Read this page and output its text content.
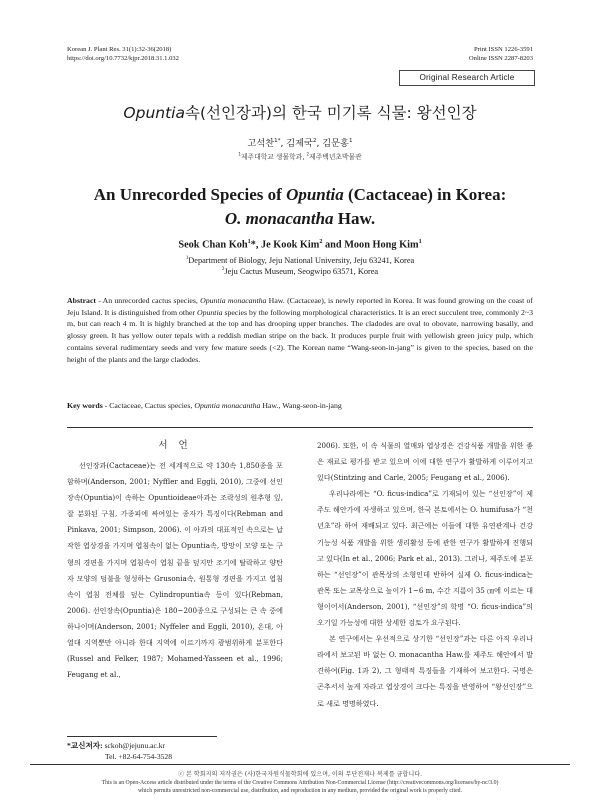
Korean J. Plant Res. 31(1):32-36(2018)
https://doi.org/10.7732/kjpr.2018.31.1.032
Print ISSN 1226-3591
Online ISSN 2287-8203
Original Research Article
Opuntia속(선인장과)의 한국 미기록 식물: 왕선인장
고석찬$^{1*}$, 김제국$^2$, 김문홍$^1$
$^1$제주대학교 생물학과, $^2$제주백년초박물관
An Unrecorded Species of Opuntia (Cactaceae) in Korea:
O. monacantha Haw.
Seok Chan Koh$^1$*, Je Kook Kim$^2$ and Moon Hong Kim$^1$
$^1$Department of Biology, Jeju National University, Jeju 63241, Korea
$^2$Jeju Cactus Museum, Seogwipo 63571, Korea
Abstract - An unrecorded cactus species, Opuntia monacantha Haw. (Cactaceae), is newly reported in Korea. It was found growing on the coast of Jeju Island. It is distinguished from other Opuntia species by the following morphological characteristics. It is an erect succulent tree, commonly 2~3 m, but can reach 4 m. It is highly branched at the top and has drooping upper branches. The cladodes are oval to obovate, narrowing basally, and glossy green. It has yellow outer tepals with a reddish median stripe on the back. It produces purple fruit with yellowish green juicy pulp, which contains several rudimentary seeds and very few mature seeds (<2). The Korean name “Wang-seon-in-jang” is given to the species, based on the height of the plants and the large cladodes.
Key words - Cactaceae, Cactus species, Opuntia monacantha Haw., Wang-seon-in-jang
서 언

선인장과(Cactaceae)는 전 세계적으로 약 130속 1,850종을 포함하며(Anderson, 2001; Nyffler and Eggli, 2010), 그중에 선인장속(Opuntia)이 속하는 Opuntioideae아과는 조락성의 원추형 잎, 잘 분화된 구침, 가종피에 싸여있는 종자가 특징이다(Rebman and Pinkava, 2001; Simpson, 2006). 이 아과의 대표적인 속으로는 납작한 엽상경을 가지며 엽침속이 없는 Opuntia속, 방망이 모양 또는 구형의 경편을 가지며 엽침속이 엽침 끝을 덮지만 조기에 탈락하고 양탄자 모양의 덤불을 형성하는 Grusonia속, 원통형 경편을 가지고 엽침속이 엽침 전체를 덮는 Cylindropuntia속 등이 있다(Rebman, 2006). 선인장속(Opuntia)은 180~200종으로 구성되는 큰 속 중에 하나이며(Anderson, 2001; Nyffeler and Eggli, 2010), 온대, 아열대 지역뿐만 아니라 한대 지역에 이르기까지 광범위하게 분포한다(Russel and Felker, 1987; Mohamed-Yasseen et al., 1996; Feugang et al.,

2006). 또한, 이 속 식물의 열매와 엽상경은 건강식품 개발을 위한 좋은 재료로 평가를 받고 있으며 이에 대한 연구가 활발하게 이루어지고 있다(Stintzing and Carle, 2005; Feugang et al., 2006).

우리나라에는 “O. ficus-indica”로 기재되어 있는 “선인장”이 제주도 해안가에 자생하고 있으며, 한국 본토에서는 O. humifusa가 “천년초”라 하여 재배되고 있다. 최근에는 이들에 대한 유연관계나 건강 기능성 식품 개발을 위한 생리활성 등에 관한 연구가 활발하게 진행되고 있다(In et al., 2006; Park et al., 2013). 그러나, 제주도에 분포하는 “선인장”이 관목상의 소형인데 반하여 실제 O. ficus-indica는 관목 또는 교목상으로 높이가 1~6 m, 수간 지름이 35 ㎝에 이르는 대형이어서(Anderson, 2001), “선인장”의 학명 “O. ficus-indica”의 오기일 가능성에 대한 상세한 검토가 요구된다.

본 연구에서는 우선적으로 상기한 “선인장”과는 다른 아직 우리나라에서 보고된 바 없는 O. monacantha Haw.를 제주도 해안에서 발견하여(Fig. 1과 2), 그 형태적 특징들을 기재하여 보고한다. 국명은 곤추서서 높게 자라고 엽상경이 크다는 특징을 반영하여 “왕선인장”으로 새로 명명하였다.

*교신저자: sckoh@jejunu.ac.kr
Tel. +82-64-754-3528
ⓒ 본 학회지의 저작권은 (사)한국자원식물학회에 있으며, 이의 무단전재나 복제를 금합니다.
This is an Open-Access article distributed under the terms of the Creative Commons Attribution Non-Commercial License (http://creativecommons.org/licenses/by-nc/3.0)
which permits unrestricted non-commercial use, distribution, and reproduction in any medium, provided the original work is properly cited.
